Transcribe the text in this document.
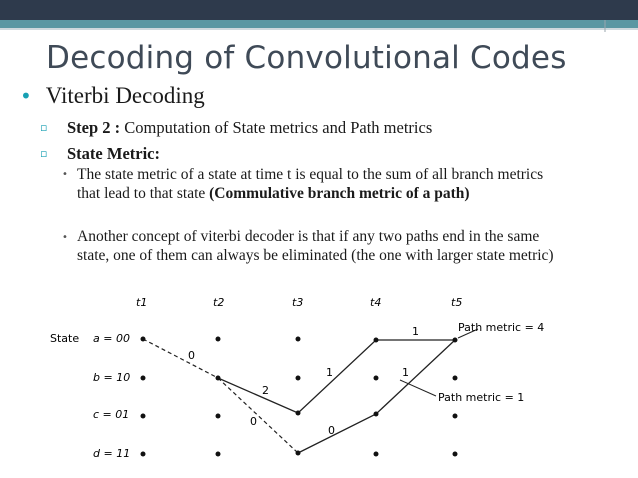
Decoding of Convolutional Codes
• Viterbi Decoding
▫ Step 2 : Computation of State metrics and Path metrics
▫ State Metric:
• The state metric of a state at time t is equal to the sum of all branch metrics that lead to that state (Commulative branch metric of a path)
• Another concept of viterbi decoder is that if any two paths end in the same state, one of them can always be eliminated (the one with larger state metric)
t1	t2	t3	t4	t5
State a = 00
b = 10
c = 01
d = 11
0
2
0
0
1	1
1	Path metric = 4
Path metric = 1
